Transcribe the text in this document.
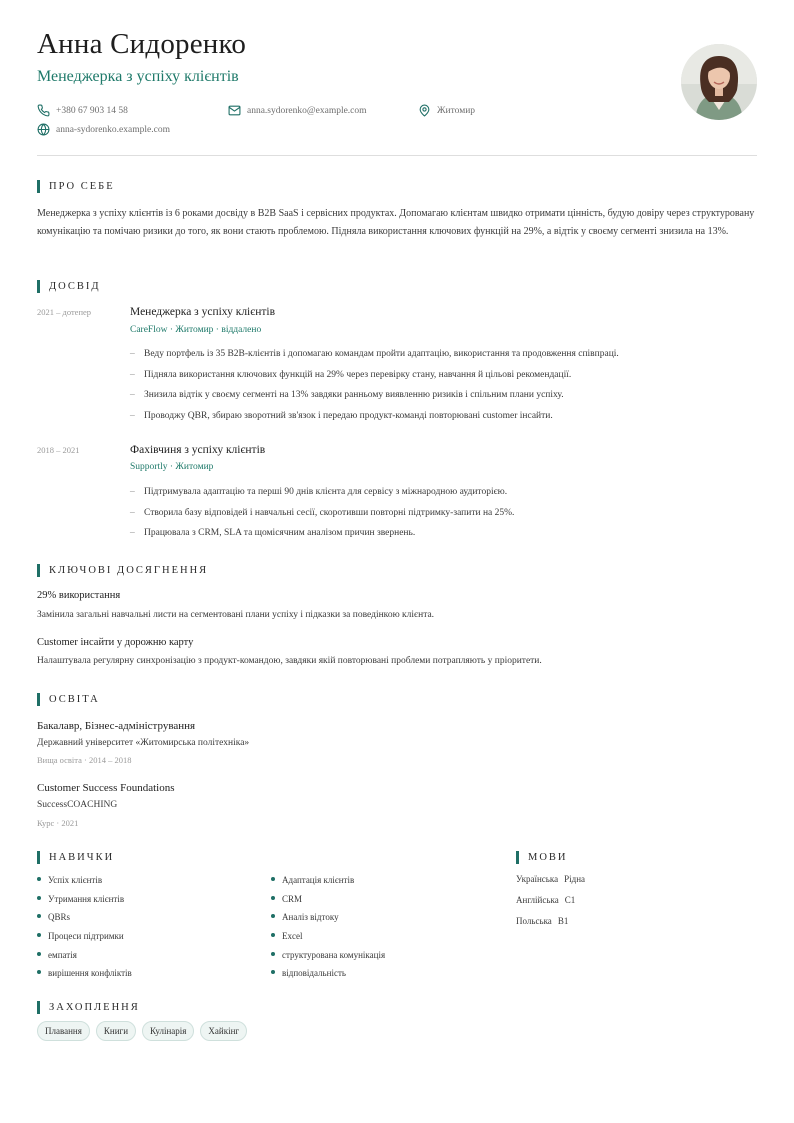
Анна Сидоренко
Менеджерка з успіху клієнтів
+380 67 903 14 58	anna.sydorenko@example.com	Житомир
anna-sydorenko.example.com
ПРО СЕБЕ
Менеджерка з успіху клієнтів із 6 роками досвіду в B2B SaaS і сервісних продуктах. Допомагаю клієнтам швидко отримати цінність, будую довіру через структуровану комунікацію та помічаю ризики до того, як вони стають проблемою. Підняла використання ключових функцій на 29%, а відтік у своєму сегменті знизила на 13%.
ДОСВІД
2021 – дотепер	Менеджерка з успіху клієнтів
CareFlow · Житомир · віддалено
– Веду портфель із 35 B2B-клієнтів і допомагаю командам пройти адаптацію, використання та продовження співпраці.
– Підняла використання ключових функцій на 29% через перевірку стану, навчання й цільові рекомендації.
– Знизила відтік у своєму сегменті на 13% завдяки ранньому виявленню ризиків і спільним плани успіху.
– Проводжу QBR, збираю зворотний зв'язок і передаю продукт-команді повторювані customer інсайти.
2018 – 2021	Фахівчиня з успіху клієнтів
Supportly · Житомир
– Підтримувала адаптацію та перші 90 днів клієнта для сервісу з міжнародною аудиторією.
– Створила базу відповідей і навчальні сесії, скоротивши повторні підтримку-запити на 25%.
– Працювала з CRM, SLA та щомісячним аналізом причин звернень.
КЛЮЧОВІ ДОСЯГНЕННЯ
29% використання
Замінила загальні навчальні листи на сегментовані плани успіху і підказки за поведінкою клієнта.
Customer інсайти у дорожню карту
Налаштувала регулярну синхронізацію з продукт-командою, завдяки якій повторювані проблеми потрапляють у пріоритети.
ОСВІТА
Бакалавр, Бізнес-адміністрування
Державний університет «Житомирська політехніка»
Вища освіта · 2014 – 2018
Customer Success Foundations
SuccessCOACHING
Курс · 2021
НАВИЧКИ
Успіх клієнтів
Утримання клієнтів
QBRs
Процеси підтримки
емпатія
вирішення конфліктів
Адаптація клієнтів
CRM
Аналіз відтоку
Excel
структурована комунікація
відповідальність
МОВИ
Українська Рідна
Англійська C1
Польська B1
ЗАХОПЛЕННЯ
Плавання	Книги	Кулінарія	Хайкінг
